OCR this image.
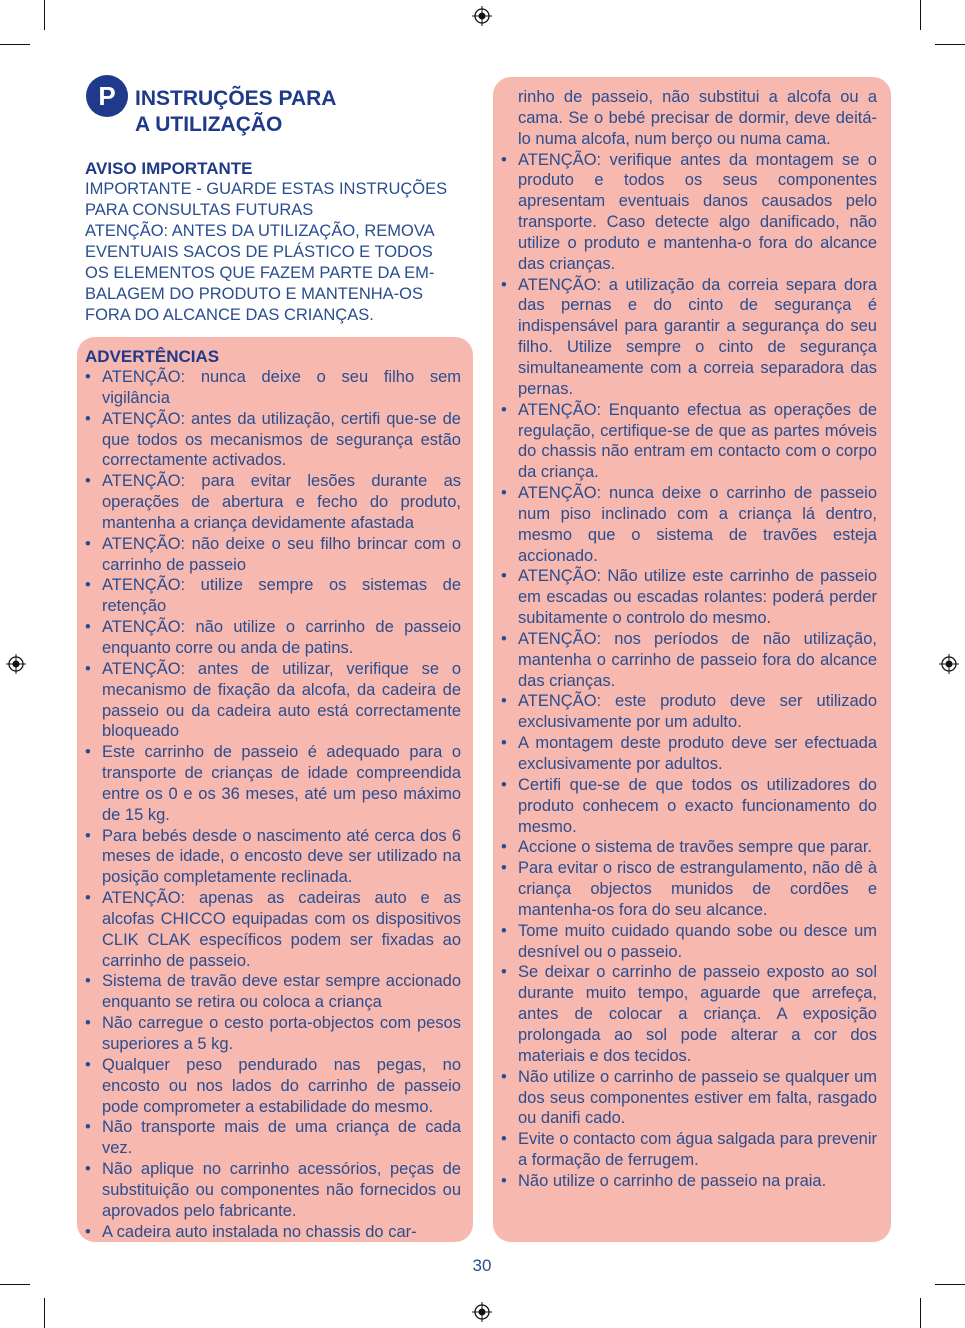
P INSTRUÇÕES PARA
A UTILIZAÇÃO
AVISO IMPORTANTE
IMPORTANTE - GUARDE ESTAS INSTRUÇÕES
PARA CONSULTAS FUTURAS
ATENÇÃO: ANTES DA UTILIZAÇÃO, REMOVA
EVENTUAIS SACOS DE PLÁSTICO E TODOS
OS ELEMENTOS QUE FAZEM PARTE DA EM-
BALAGEM DO PRODUTO E MANTENHA-OS
FORA DO ALCANCE DAS CRIANÇAS.
ADVERTÊNCIAS
• ATENÇÃO: nunca deixe o seu filho sem vigilância
• ATENÇÃO: antes da utilização, certifi que-se de que todos os mecanismos de segurança estão correctamente activados.
• ATENÇÃO: para evitar lesões durante as operações de abertura e fecho do produto, mantenha a criança devidamente afastada
• ATENÇÃO: não deixe o seu filho brincar com o carrinho de passeio
• ATENÇÃO: utilize sempre os sistemas de retenção
• ATENÇÃO: não utilize o carrinho de passeio enquanto corre ou anda de patins.
• ATENÇÃO: antes de utilizar, verifique se o mecanismo de fixação da alcofa, da cadeira de passeio ou da cadeira auto está correctamente bloqueado
• Este carrinho de passeio é adequado para o transporte de crianças de idade compreendida entre os 0 e os 36 meses, até um peso máximo de 15 kg.
• Para bebés desde o nascimento até cerca dos 6 meses de idade, o encosto deve ser utilizado na posição completamente reclinada.
• ATENÇÃO: apenas as cadeiras auto e as alcofas CHICCO equipadas com os dispositivos CLIK CLAK específicos podem ser fixadas ao carrinho de passeio.
• Sistema de travão deve estar sempre accionado enquanto se retira ou coloca a criança
• Não carregue o cesto porta-objectos com pesos superiores a 5 kg.
• Qualquer peso pendurado nas pegas, no encosto ou nos lados do carrinho de passeio pode comprometer a estabilidade do mesmo.
• Não transporte mais de uma criança de cada vez.
• Não aplique no carrinho acessórios, peças de substituição ou componentes não fornecidos ou aprovados pelo fabricante.
• A cadeira auto instalada no chassis do car-
rinho de passeio, não substitui a alcofa ou a cama. Se o bebé precisar de dormir, deve deitá-lo numa alcofa, num berço ou numa cama.
• ATENÇÃO: verifique antes da montagem se o produto e todos os seus componentes apresentam eventuais danos causados pelo transporte. Caso detecte algo danificado, não utilize o produto e mantenha-o fora do alcance das crianças.
• ATENÇÃO: a utilização da correia separa dora das pernas e do cinto de segurança é indispensável para garantir a segurança do seu filho. Utilize sempre o cinto de segurança simultaneamente com a correia separadora das pernas.
• ATENÇÃO: Enquanto efectua as operações de regulação, certifique-se de que as partes móveis do chassis não entram em contacto com o corpo da criança.
• ATENÇÃO: nunca deixe o carrinho de passeio num piso inclinado com a criança lá dentro, mesmo que o sistema de travões esteja accionado.
• ATENÇÃO: Não utilize este carrinho de passeio em escadas ou escadas rolantes: poderá perder subitamente o controlo do mesmo.
• ATENÇÃO: nos períodos de não utilização, mantenha o carrinho de passeio fora do alcance das crianças.
• ATENÇÃO: este produto deve ser utilizado exclusivamente por um adulto.
• A montagem deste produto deve ser efectuada exclusivamente por adultos.
• Certifi que-se de que todos os utilizadores do produto conhecem o exacto funcionamento do mesmo.
• Accione o sistema de travões sempre que parar.
• Para evitar o risco de estrangulamento, não dê à criança objectos munidos de cordões e mantenha-os fora do seu alcance.
• Tome muito cuidado quando sobe ou desce um desnível ou o passeio.
• Se deixar o carrinho de passeio exposto ao sol durante muito tempo, aguarde que arrefeça, antes de colocar a criança. A exposição prolongada ao sol pode alterar a cor dos materiais e dos tecidos.
• Não utilize o carrinho de passeio se qualquer um dos seus componentes estiver em falta, rasgado ou danifi cado.
• Evite o contacto com água salgada para prevenir a formação de ferrugem.
• Não utilize o carrinho de passeio na praia.
30
